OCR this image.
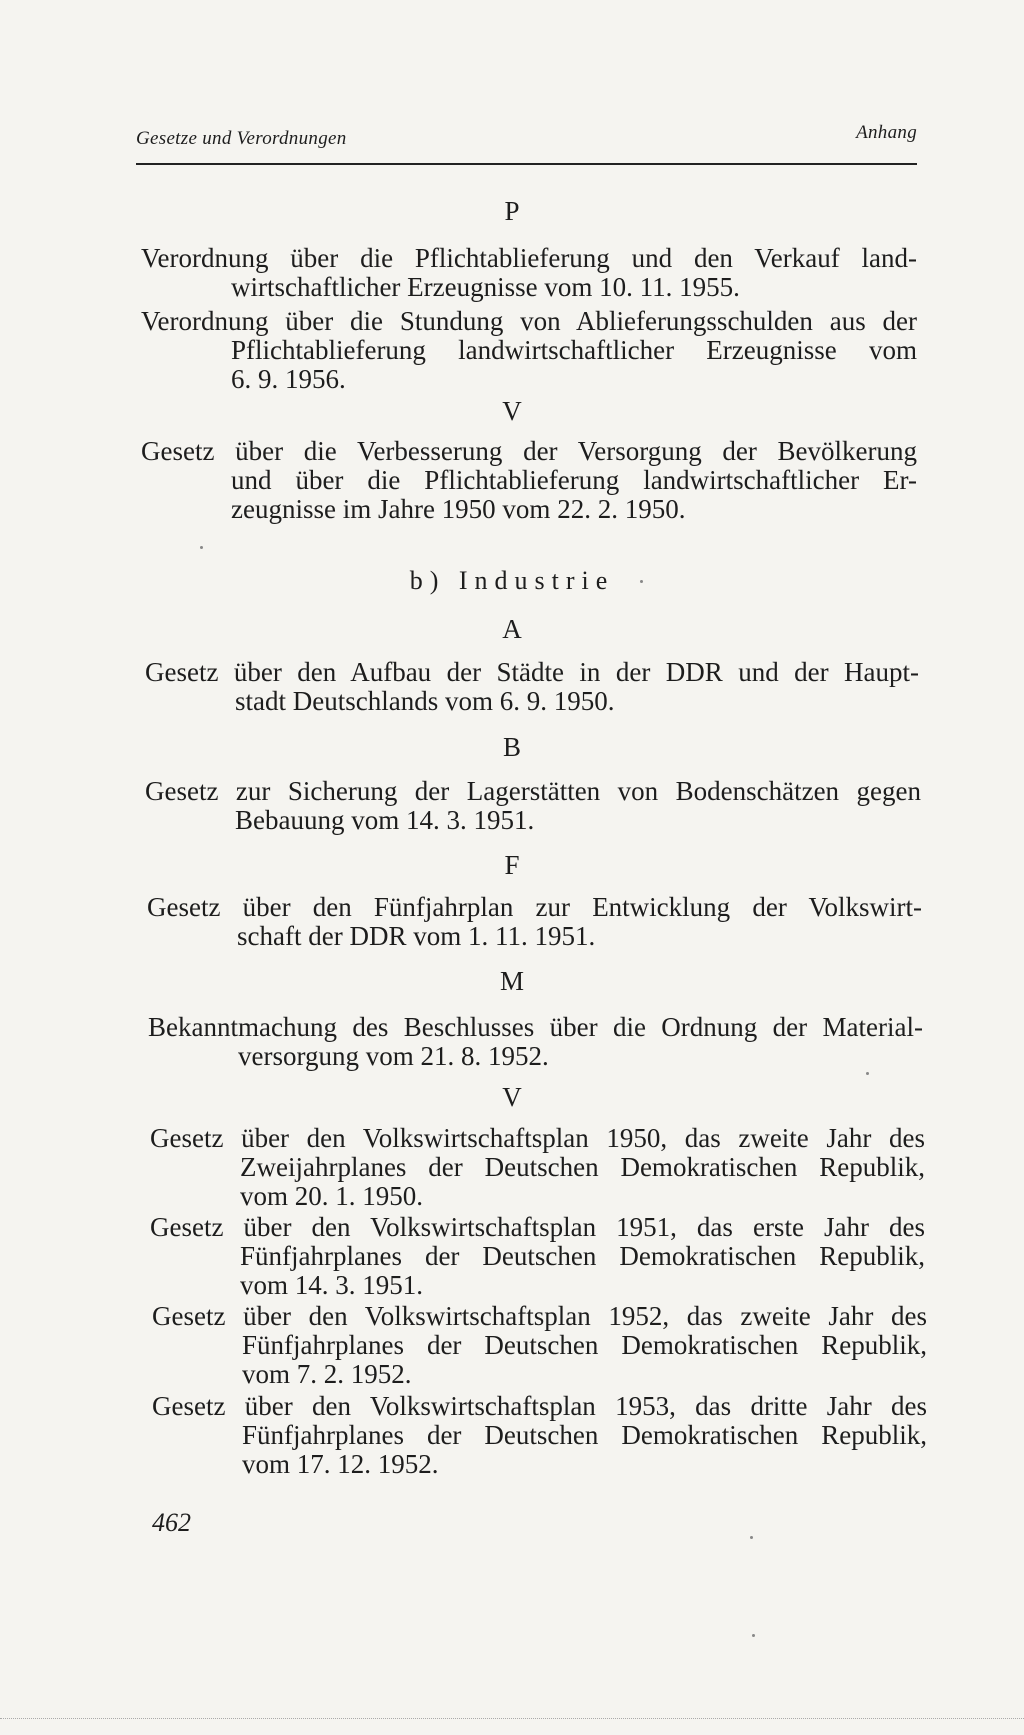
Gesetze und Verordnungen	Anhang
P
Verordnung über die Pflichtablieferung und den Verkauf land-
wirtschaftlicher Erzeugnisse vom 10. 11. 1955.
Verordnung über die Stundung von Ablieferungsschulden aus der
Pflichtablieferung landwirtschaftlicher Erzeugnisse vom
6. 9. 1956.
V
Gesetz über die Verbesserung der Versorgung der Bevölkerung
und über die Pflichtablieferung landwirtschaftlicher Er-
zeugnisse im Jahre 1950 vom 22. 2. 1950.
b) Industrie
A
Gesetz über den Aufbau der Städte in der DDR und der Haupt-
stadt Deutschlands vom 6. 9. 1950.
B
Gesetz zur Sicherung der Lagerstätten von Bodenschätzen gegen
Bebauung vom 14. 3. 1951.
F
Gesetz über den Fünfjahrplan zur Entwicklung der Volkswirt-
schaft der DDR vom 1. 11. 1951.
M
Bekanntmachung des Beschlusses über die Ordnung der Material-
versorgung vom 21. 8. 1952.
V
Gesetz über den Volkswirtschaftsplan 1950, das zweite Jahr des
Zweijahrplanes der Deutschen Demokratischen Republik,
vom 20. 1. 1950.
Gesetz über den Volkswirtschaftsplan 1951, das erste Jahr des
Fünfjahrplanes der Deutschen Demokratischen Republik,
vom 14. 3. 1951.
Gesetz über den Volkswirtschaftsplan 1952, das zweite Jahr des
Fünfjahrplanes der Deutschen Demokratischen Republik,
vom 7. 2. 1952.
Gesetz über den Volkswirtschaftsplan 1953, das dritte Jahr des
Fünfjahrplanes der Deutschen Demokratischen Republik,
vom 17. 12. 1952.
462
